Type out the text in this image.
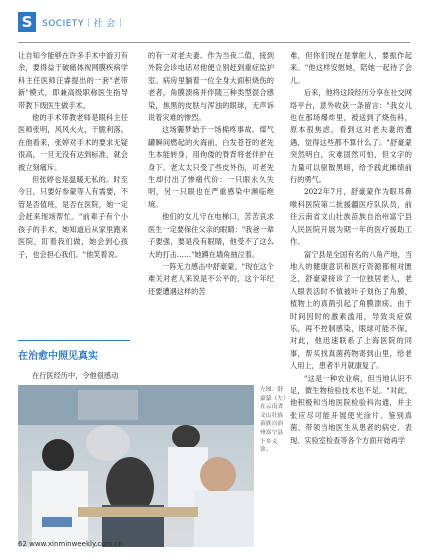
S	SOCIETY｜社 会｜

让自知今能够在许多手术中游刃有余，要得益于破痛体视网膜疾病学科主任医师汪睿提出的一套"老带新"模式，即兼高级职称医生指导带教下级医生做手术。

他的手术带教老师是眼科主任医师张明，风风火火，干脆利落。在他看来，张婷对手术的要求无疑很高，一旦无没有达到标准，就会被立刻痛斥。

但张婷也是温暖无私的。时至今日，只要好参蒙等人有需要，不管是否值班，是否在医院，她一定会赶来现场帮忙。"前辈子有个小孩子的手术，她知道后从家里跑来医院，盯着我们做，她会到心孩子，也会担心我们。"他笑着说。

在治愈中照见真实

在行医经历中，令他很感动

的有一对老夫妻。作为当夜二值，接到外院会诊电话对他便立别赶到重症监护室。病房里躺着一位全身大面积烧伤的老者，角膜溃疡并伴随三种类型混合感染，焦黑的皮肤与浑浊的眼球，无声诉说着灾难的惨烈。

这场霾梦始于一场棉疼事故。煤气罐瞬间燃起的火海前，白发苍苍的老先生本能转身，用佝偻的脊背将老伴护在身下。老太太只受了些皮外伤，可老先生却付出了惨痛代价：一只眼永久失明，另一只眼也在严重感染中濒临绝境。

他们的女儿守在电梯口，苦苦哀求医生一定要保住父亲的眼睛："我爸一辈子要强，要是没有眼睛，他受不了这么大的打击……"她蹲在墙角抽泣着。

一阵无力感击中舒豪蒙。"现在这个难关对老人来说是不公平的，这个年纪还要遭遇这样的苦

难，但你们现在是掌舵人，要振作起来。"他这样安慰她，陪她一起待了会儿。

后来，他将这段经历分享在社交网络平台，意外收获一条留言："我女儿也在那场爆炸里，被送到了烧伤科，原本很焦虑，看到这对老夫妻的遭遇，觉得这些都不算什么了。"舒豪蒙突然明白，灾难固然可怕，但文字的力量可以驱散黑暗，给予践此摊绩前行的勇气。

2022年7月，舒豪蒙作为眼耳鼻喉科医院第二批援疆医疗队队员，前往云南省文山壮族苗族自治州富宁县人民医院开展为期一年的医疗援助工作。

富宁县是全国有名的八角产地，当地人的健康意识和医疗资源都相对匮乏，舒豪蒙接诊了一位独居老人，老人眼表活时不慎被叶子划伤了角膜，植物上的真菌引起了角膜溃疡。由于时间因时的激素滥用，导致炎症娱乐，再不控制感染，眼球可能不保。对此，他迅速联系了上海医院的同事，帮买找真菌药物寄到山里，给老人用上，患者半月就康复了。

"这是一种农业病，但当地认识不足，微生物检验技术也不足。"对此，他积极和当地医院检验科沟通，并主张应尽可能开展使光涂片、鉴别真菌、带领当地医生从患者的病史、表现、实验室检查等各个方面开始再学

左图：舒豪蒙（左）在云南省文山壮族苗族自治州富宁县下乡义诊。
62 www.xinminweekly.com.cn
